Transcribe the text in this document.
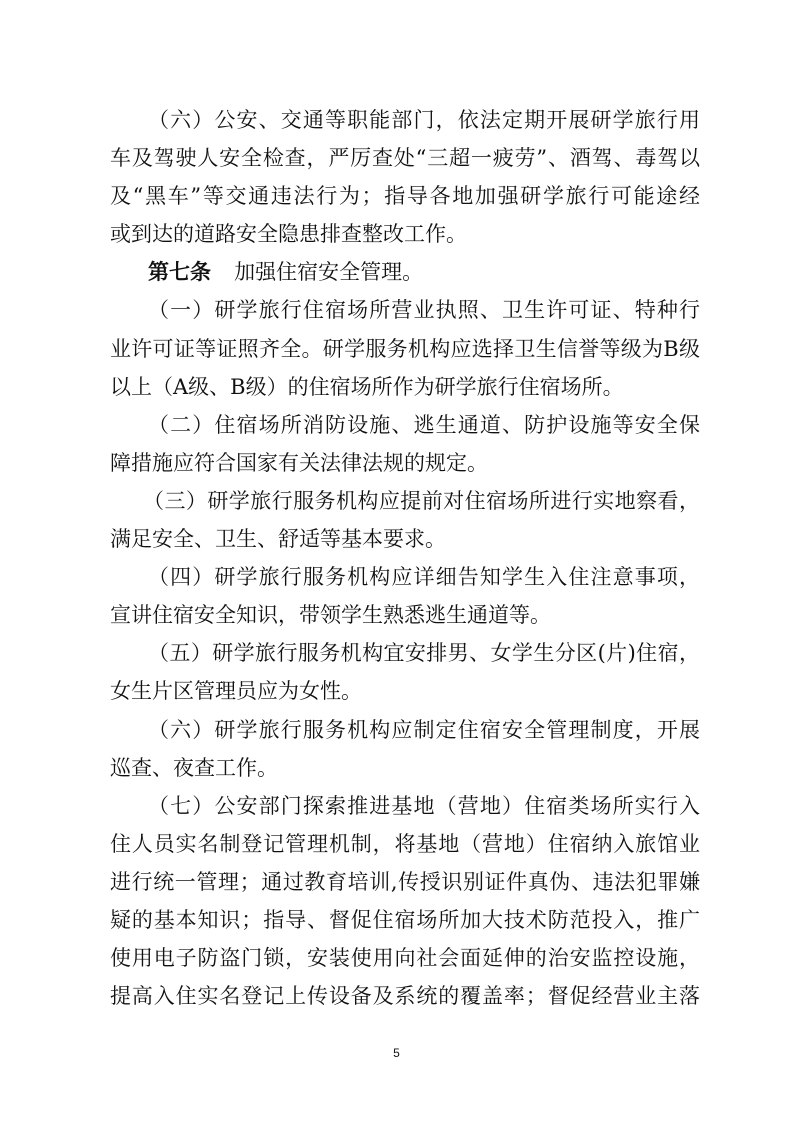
（六）公安、交通等职能部门，依法定期开展研学旅行用
车及驾驶人安全检查，严厉查处“三超一疲劳”、酒驾、毒驾以
及“黑车”等交通违法行为；指导各地加强研学旅行可能途经
或到达的道路安全隐患排查整改工作。
第七条 加强住宿安全管理。
（一）研学旅行住宿场所营业执照、卫生许可证、特种行
业许可证等证照齐全。研学服务机构应选择卫生信誉等级为B级
以上（A级、B级）的住宿场所作为研学旅行住宿场所。
（二）住宿场所消防设施、逃生通道、防护设施等安全保
障措施应符合国家有关法律法规的规定。
（三）研学旅行服务机构应提前对住宿场所进行实地察看，
满足安全、卫生、舒适等基本要求。
（四）研学旅行服务机构应详细告知学生入住注意事项，
宣讲住宿安全知识，带领学生熟悉逃生通道等。
（五）研学旅行服务机构宜安排男、女学生分区(片)住宿，
女生片区管理员应为女性。
（六）研学旅行服务机构应制定住宿安全管理制度，开展
巡查、夜查工作。
（七）公安部门探索推进基地（营地）住宿类场所实行入
住人员实名制登记管理机制，将基地（营地）住宿纳入旅馆业
进行统一管理；通过教育培训,传授识别证件真伪、违法犯罪嫌
疑的基本知识；指导、督促住宿场所加大技术防范投入，推广
使用电子防盗门锁，安装使用向社会面延伸的治安监控设施，
提高入住实名登记上传设备及系统的覆盖率；督促经营业主落
5
